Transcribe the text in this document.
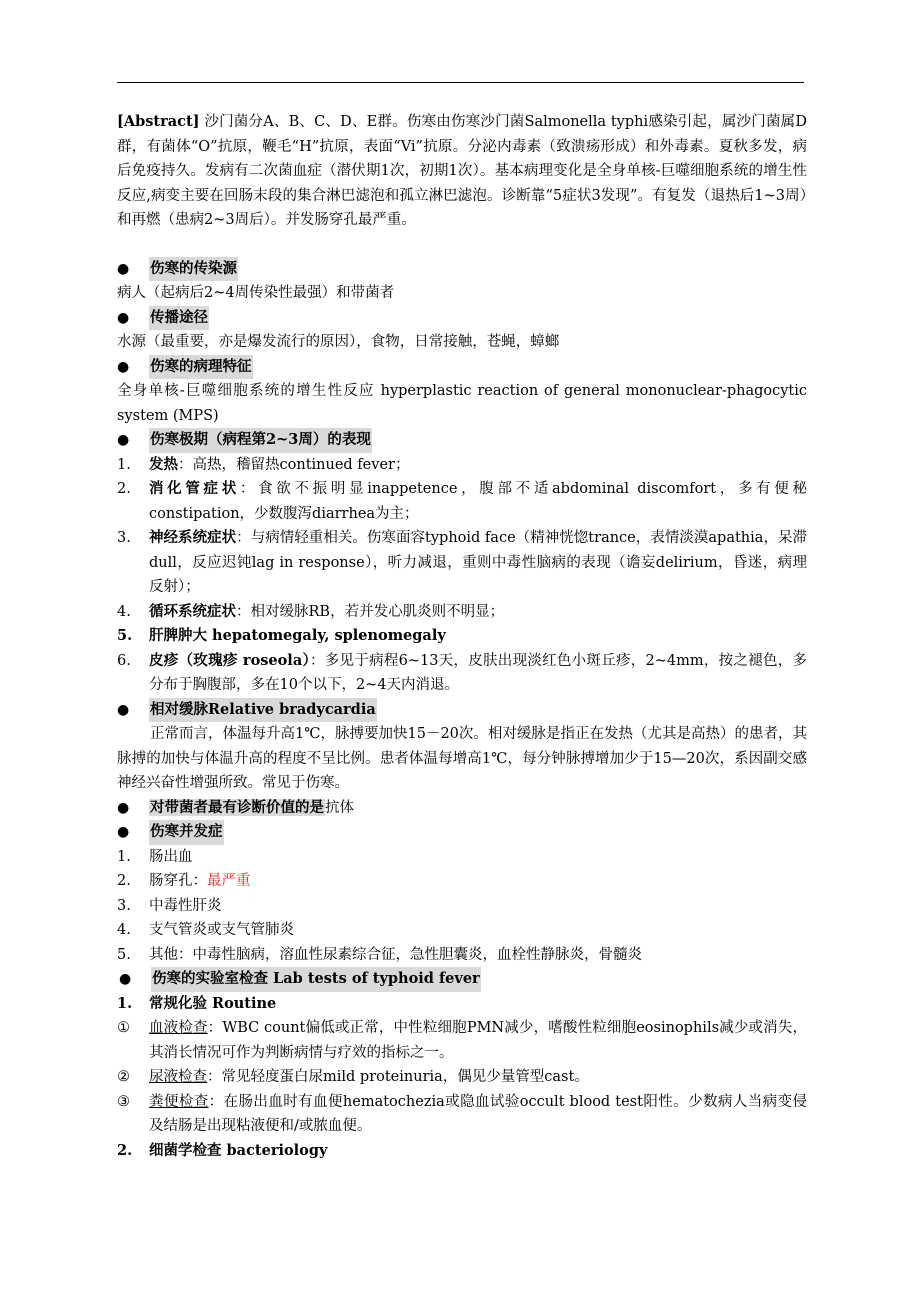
[Abstract] 沙门菌分A、B、C、D、E群。伤寒由伤寒沙门菌Salmonella typhi感染引起，属沙门菌属D群，有菌体“O”抗原，鞭毛“H”抗原，表面“Vi”抗原。分泌内毒素（致溃疡形成）和外毒素。夏秋多发，病后免疫持久。发病有二次菌血症（潜伏期1次，初期1次）。基本病理变化是全身单核-巨噬细胞系统的增生性反应,病变主要在回肠末段的集合淋巴滤泡和孤立淋巴滤泡。诊断靠“5症状3发现”。有复发（退热后1~3周）和再燃（患病2~3周后）。并发肠穿孔最严重。
●	伤寒的传染源
病人（起病后2~4周传染性最强）和带菌者
●	传播途径
水源（最重要，亦是爆发流行的原因），食物，日常接触，苍蝇，蟑螂
●	伤寒的病理特征
全身单核-巨噬细胞系统的增生性反应 hyperplastic reaction of general mononuclear-phagocytic system (MPS)
●	伤寒极期（病程第2~3周）的表现
1.	发热：高热，稽留热continued fever；
2.	消化管症状：食欲不振明显inappetence，腹部不适abdominal discomfort，多有便秘constipation，少数腹泻diarrhea为主；
3.	神经系统症状：与病情轻重相关。伤寒面容typhoid face（精神恍惚trance，表情淡漠apathia，呆滞dull，反应迟钝lag in response），听力减退，重则中毒性脑病的表现（谵妄delirium，昏迷，病理反射）；
4.	循环系统症状：相对缓脉RB，若并发心肌炎则不明显；
5.	肝脾肿大 hepatomegaly, splenomegaly
6.	皮疹（玫瑰疹 roseola）：多见于病程6~13天，皮肤出现淡红色小斑丘疹，2~4mm，按之褪色，多分布于胸腹部，多在10个以下，2~4天内消退。
●	相对缓脉Relative bradycardia
正常而言，体温每升高1℃，脉搏要加快15－20次。相对缓脉是指正在发热（尤其是高热）的患者，其脉搏的加快与体温升高的程度不呈比例。患者体温每增高1℃，每分钟脉搏增加少于15—20次，系因副交感神经兴奋性增强所致。常见于伤寒。
●	对带菌者最有诊断价值的是抗体
●	伤寒并发症
1.	肠出血
2.	肠穿孔：最严重
3.	中毒性肝炎
4.	支气管炎或支气管肺炎
5.	其他：中毒性脑病，溶血性尿素综合征，急性胆囊炎，血栓性静脉炎，骨髓炎
●	伤寒的实验室检查 Lab tests of typhoid fever
1.	常规化验 Routine
①	血液检查：WBC count偏低或正常，中性粒细胞PMN减少，嗜酸性粒细胞eosinophils减少或消失，其消长情况可作为判断病情与疗效的指标之一。
②	尿液检查：常见轻度蛋白尿mild proteinuria，偶见少量管型cast。
③	粪便检查：在肠出血时有血便hematochezia或隐血试验occult blood test阳性。少数病人当病变侵及结肠是出现粘液便和/或脓血便。
2.	细菌学检查 bacteriology
